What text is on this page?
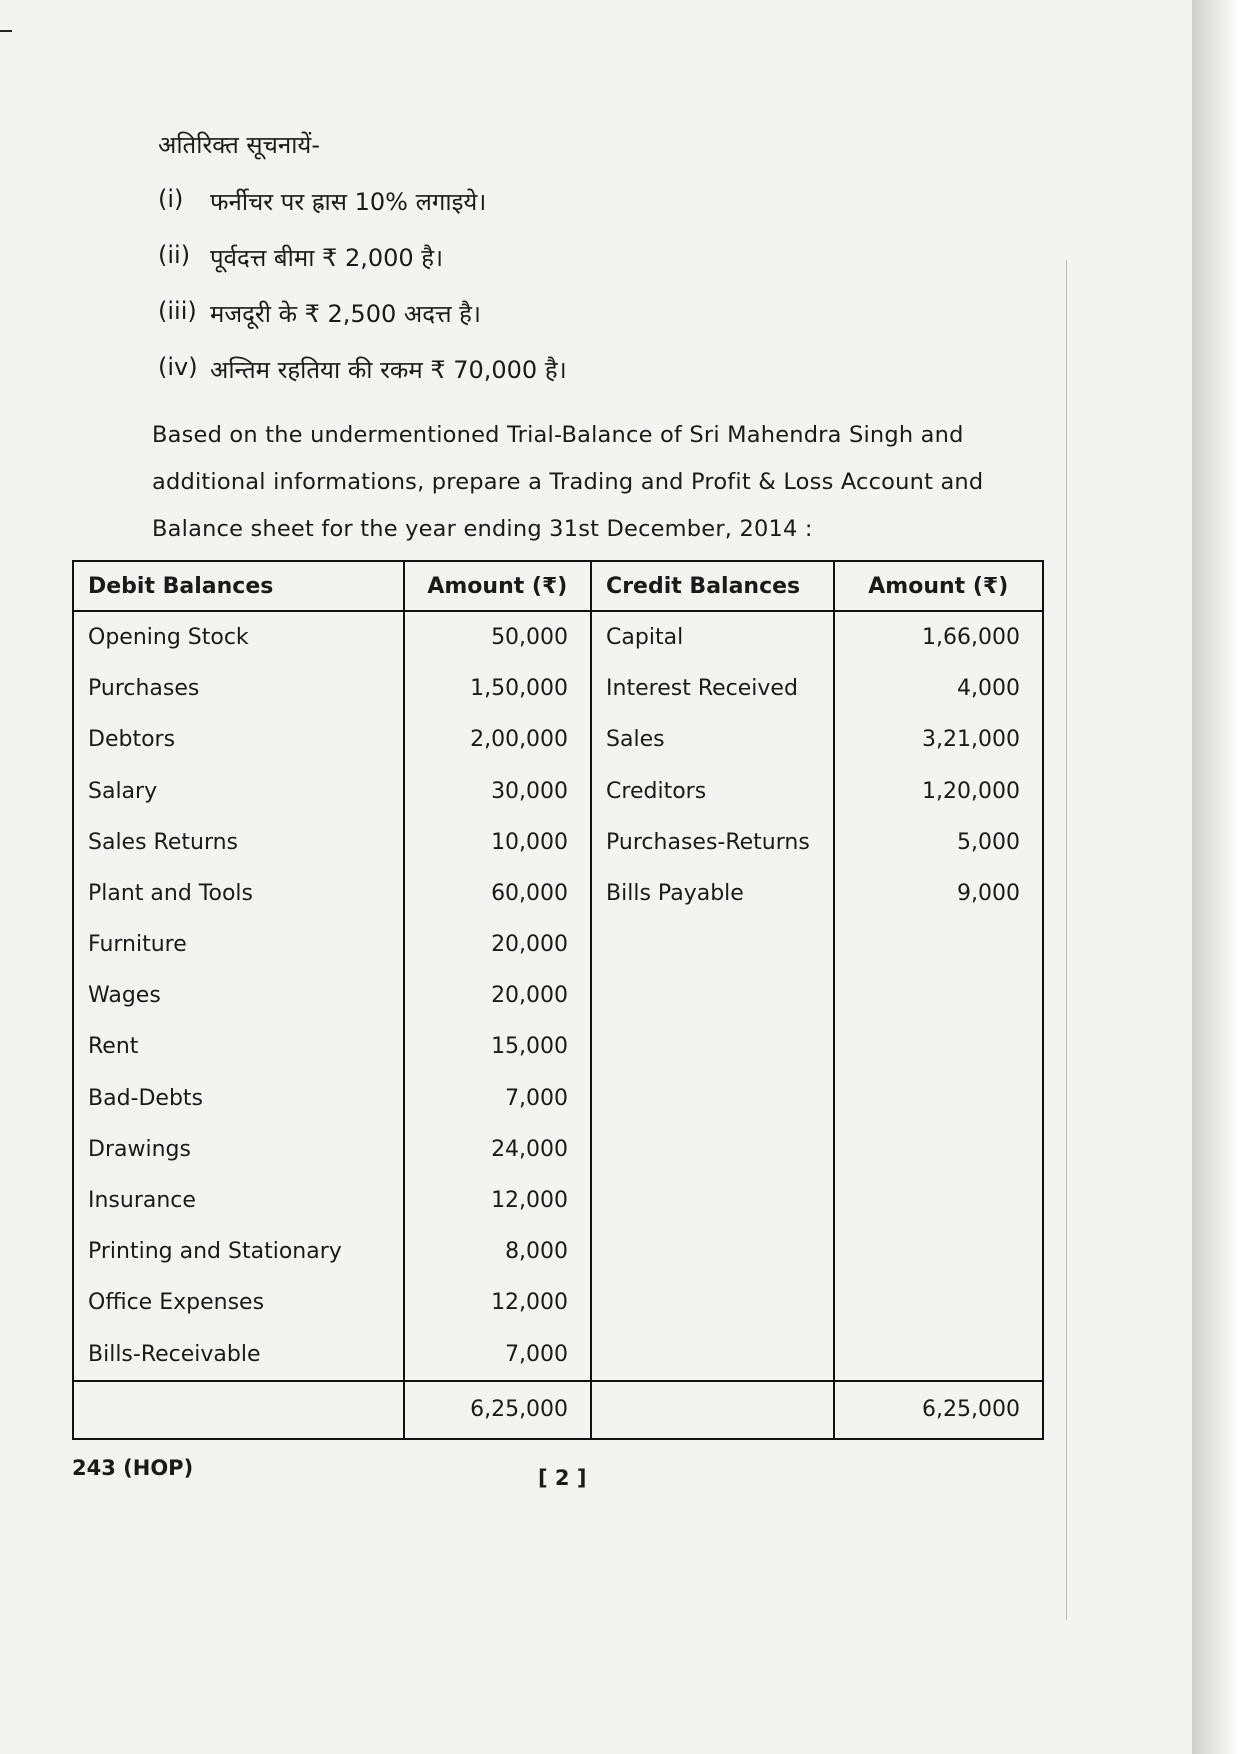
अतिरिक्त सूचनायें-
(i)	फर्नीचर पर ह्रास 10% लगाइये।
(ii) पूर्वदत्त बीमा ₹ 2,000 है।
(iii) मजदूरी के ₹ 2,500 अदत्त है।
(iv) अन्तिम रहतिया की रकम ₹ 70,000 है।
Based on the undermentioned Trial-Balance of Sri Mahendra Singh and additional informations, prepare a Trading and Profit & Loss Account and Balance sheet for the year ending 31st December, 2014 :
Debit Balances	Amount (₹)	Credit Balances	Amount (₹)
Opening Stock	50,000	Capital	1,66,000
Purchases	1,50,000	Interest Received	4,000
Debtors	2,00,000	Sales	3,21,000
Salary	30,000	Creditors	1,20,000
Sales Returns	10,000	Purchases-Returns	5,000
Plant and Tools	60,000	Bills Payable	9,000
Furniture	20,000		
Wages	20,000		
Rent	15,000		
Bad-Debts	7,000		
Drawings	24,000		
Insurance	12,000		
Printing and Stationary	8,000		
Office Expenses	12,000		
Bills-Receivable	7,000		
	6,25,000		6,25,000
243 (HOP)	[ 2 ]
